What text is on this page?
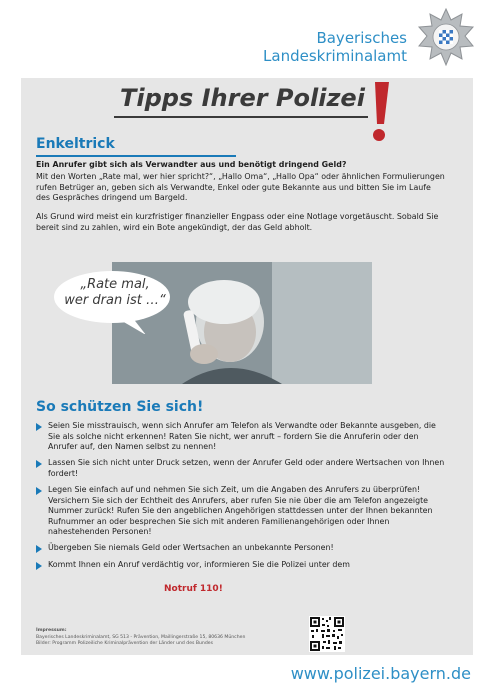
Bayerisches
Landeskriminalamt
Tipps Ihrer Polizei
Enkeltrick
Ein Anrufer gibt sich als Verwandter aus und benötigt dringend Geld?
Mit den Worten „Rate mal, wer hier spricht?“, „Hallo Oma“, „Hallo Opa“ oder ähnlichen Formulierungen rufen Betrüger an, geben sich als Verwandte, Enkel oder gute Bekannte aus und bitten Sie im Laufe des Gespräches dringend um Bargeld.
Als Grund wird meist ein kurzfristiger finanzieller Engpass oder eine Notlage vorgetäuscht. Sobald Sie bereit sind zu zahlen, wird ein Bote angekündigt, der das Geld abholt.
„Rate mal,
wer dran ist …“
So schützen Sie sich!
Seien Sie misstrauisch, wenn sich Anrufer am Telefon als Verwandte oder Bekannte ausgeben, die Sie als solche nicht erkennen! Raten Sie nicht, wer anruft – fordern Sie die Anruferin oder den Anrufer auf, den Namen selbst zu nennen!
Lassen Sie sich nicht unter Druck setzen, wenn der Anrufer Geld oder andere Wertsachen von Ihnen fordert!
Legen Sie einfach auf und nehmen Sie sich Zeit, um die Angaben des Anrufers zu überprüfen! Versichern Sie sich der Echtheit des Anrufers, aber rufen Sie nie über die am Telefon angezeigte Nummer zurück! Rufen Sie den angeblichen Angehörigen stattdessen unter der Ihnen bekannten Rufnummer an oder besprechen Sie sich mit anderen Familienangehörigen oder Ihnen nahestehenden Personen!
Übergeben Sie niemals Geld oder Wertsachen an unbekannte Personen!
Kommt Ihnen ein Anruf verdächtig vor, informieren Sie die Polizei unter dem
Notruf 110!
Impressum:
Bayerisches Landeskriminalamt, SG 513 - Prävention, Maillingerstraße 15, 80636 München
Bilder: Programm Polizeiliche Kriminalprävention der Länder und des Bundes
www.polizei.bayern.de
